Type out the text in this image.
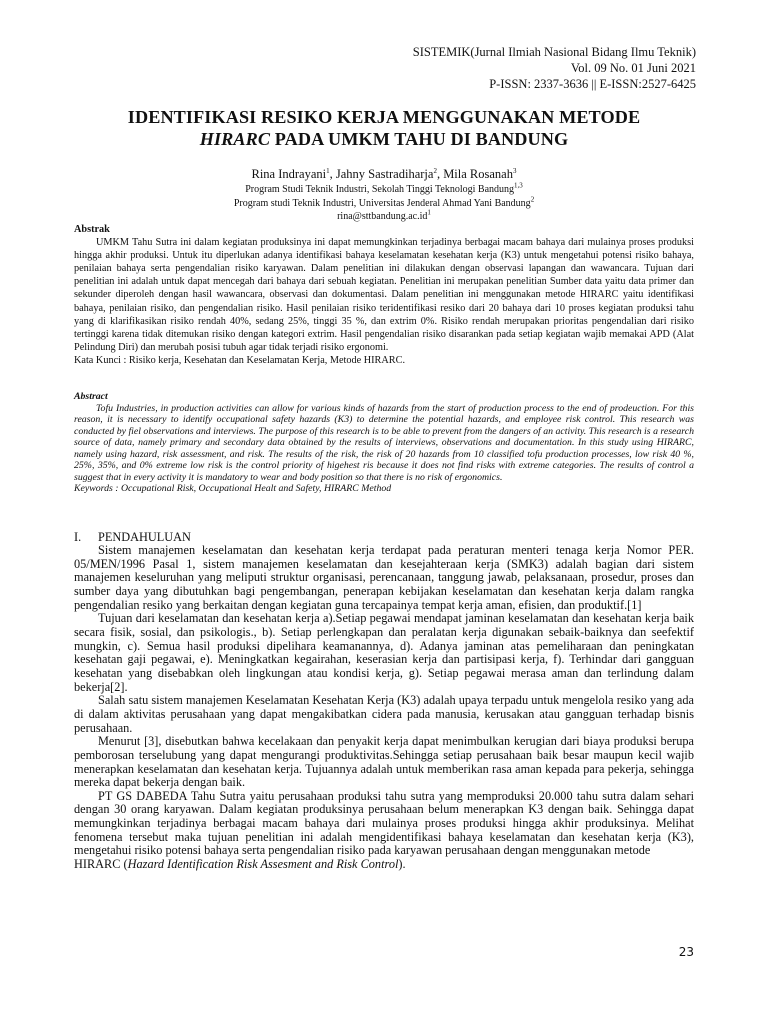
SISTEMIK(Jurnal Ilmiah Nasional Bidang Ilmu Teknik)
Vol. 09 No. 01 Juni 2021
P-ISSN: 2337-3636 || E-ISSN:2527-6425
IDENTIFIKASI RESIKO KERJA MENGGUNAKAN METODE
HIRARC PADA UMKM TAHU DI BANDUNG
Rina Indrayani$^1$, Jahny Sastradiharja$^2$, Mila Rosanah$^3$
Program Studi Teknik Industri, Sekolah Tinggi Teknologi Bandung$^{1,3}$
Program studi Teknik Industri, Universitas Jenderal Ahmad Yani Bandung$^2$
$rina@sttbandung.ac.id^1$

Abstrak

UMKM Tahu Sutra ini dalam kegiatan produksinya ini dapat memungkinkan terjadinya berbagai macam bahaya dari mulainya proses produksi hingga akhir produksi. Untuk itu diperlukan adanya identifikasi bahaya keselamatan kesehatan kerja (K3) untuk mengetahui potensi risiko bahaya, penilaian bahaya serta pengendalian risiko karyawan. Dalam penelitian ini dilakukan dengan observasi lapangan dan wawancara. Tujuan dari penelitian ini adalah untuk dapat mencegah dari bahaya dari sebuah kegiatan. Penelitian ini merupakan penelitian Sumber data yaitu data primer dan sekunder diperoleh dengan hasil wawancara, observasi dan dokumentasi. Dalam penelitian ini menggunakan metode HIRARC yaitu identifikasi bahaya, penilaian risiko, dan pengendalian risiko. Hasil penilaian risiko teridentifikasi resiko dari 20 bahaya dari 10 proses kegiatan produksi tahu yang di klarifikasikan risiko rendah 40%, sedang 25%, tinggi 35 %, dan extrim 0%. Risiko rendah merupakan prioritas pengendalian dari risiko tertinggi karena tidak ditemukan risiko dengan kategori extrim. Hasil pengendalian risiko disarankan pada setiap kegiatan wajib memakai APD (Alat Pelindung Diri) dan merubah posisi tubuh agar tidak terjadi risiko ergonomi.

Kata Kunci : Risiko kerja, Kesehatan dan Keselamatan Kerja, Metode HIRARC.

Abstract

Tofu Industries, in production activities can allow for various kinds of hazards from the start of production process to the end of prodeuction. For this reason, it is necessary to identify occupational safety hazards (K3) to determine the potential hazards, and employee risk control. This research was conducted by fiel observations and interviews. The purpose of this research is to be able to prevent from the dangers of an activity. This research is a research source of data, namely primary and secondary data obtained by the results of interviews, observations and documentation. In this study using HIRARC, namely using hazard, risk assessment, and risk. The results of the risk, the risk of 20 hazards from 10 classified tofu production processes, low risk 40 %, 25%, 35%, and 0% extreme low risk is the control priority of higehest ris because it does not find risks with extreme categories. The results of control a suggest that in every activity it is mandatory to wear and body position so that there is no risk of ergonomics.

Keywords : Occupational Risk, Occupational Healt and Safety, HIRARC Method

I. PENDAHULUAN

Sistem manajemen keselamatan dan kesehatan kerja terdapat pada peraturan menteri tenaga kerja Nomor PER. 05/MEN/1996 Pasal 1, sistem manajemen keselamatan dan kesejahteraan kerja (SMK3) adalah bagian dari sistem manajemen keseluruhan yang meliputi struktur organisasi, perencanaan, tanggung jawab, pelaksanaan, prosedur, proses dan sumber daya yang dibutuhkan bagi pengembangan, penerapan kebijakan keselamatan dan kesehatan kerja dalam rangka pengendalian resiko yang berkaitan dengan kegiatan guna tercapainya tempat kerja aman, efisien, dan produktif.[1]

Tujuan dari keselamatan dan kesehatan kerja a).Setiap pegawai mendapat jaminan keselamatan dan kesehatan kerja baik secara fisik, sosial, dan psikologis., b). Setiap perlengkapan dan peralatan kerja digunakan sebaik-baiknya dan seefektif mungkin, c). Semua hasil produksi dipelihara keamanannya, d). Adanya jaminan atas pemeliharaan dan peningkatan kesehatan gaji pegawai, e). Meningkatkan kegairahan, keserasian kerja dan partisipasi kerja, f). Terhindar dari gangguan kesehatan yang disebabkan oleh lingkungan atau kondisi kerja, g). Setiap pegawai merasa aman dan terlindung dalam bekerja[2].

Salah satu sistem manajemen Keselamatan Kesehatan Kerja (K3) adalah upaya terpadu untuk mengelola resiko yang ada di dalam aktivitas perusahaan yang dapat mengakibatkan cidera pada manusia, kerusakan atau gangguan terhadap bisnis perusahaan.

Menurut [3], disebutkan bahwa kecelakaan dan penyakit kerja dapat menimbulkan kerugian dari biaya produksi berupa pemborosan terselubung yang dapat mengurangi produktivitas.Sehingga setiap perusahaan baik besar maupun kecil wajib menerapkan keselamatan dan kesehatan kerja. Tujuannya adalah untuk memberikan rasa aman kepada para pekerja, sehingga mereka dapat bekerja dengan baik.

PT GS DABEDA Tahu Sutra yaitu perusahaan produksi tahu sutra yang memproduksi 20.000 tahu sutra dalam sehari dengan 30 orang karyawan. Dalam kegiatan produksinya perusahaan belum menerapkan K3 dengan baik. Sehingga dapat memungkinkan terjadinya berbagai macam bahaya dari mulainya proses produksi hingga akhir produksinya. Melihat fenomena tersebut maka tujuan penelitian ini adalah mengidentifikasi bahaya keselamatan dan kesehatan kerja (K3), mengetahui risiko potensi bahaya serta pengendalian risiko pada karyawan perusahaan dengan menggunakan metode

HIRARC (Hazard Identification Risk Assesment and Risk Control).

23
